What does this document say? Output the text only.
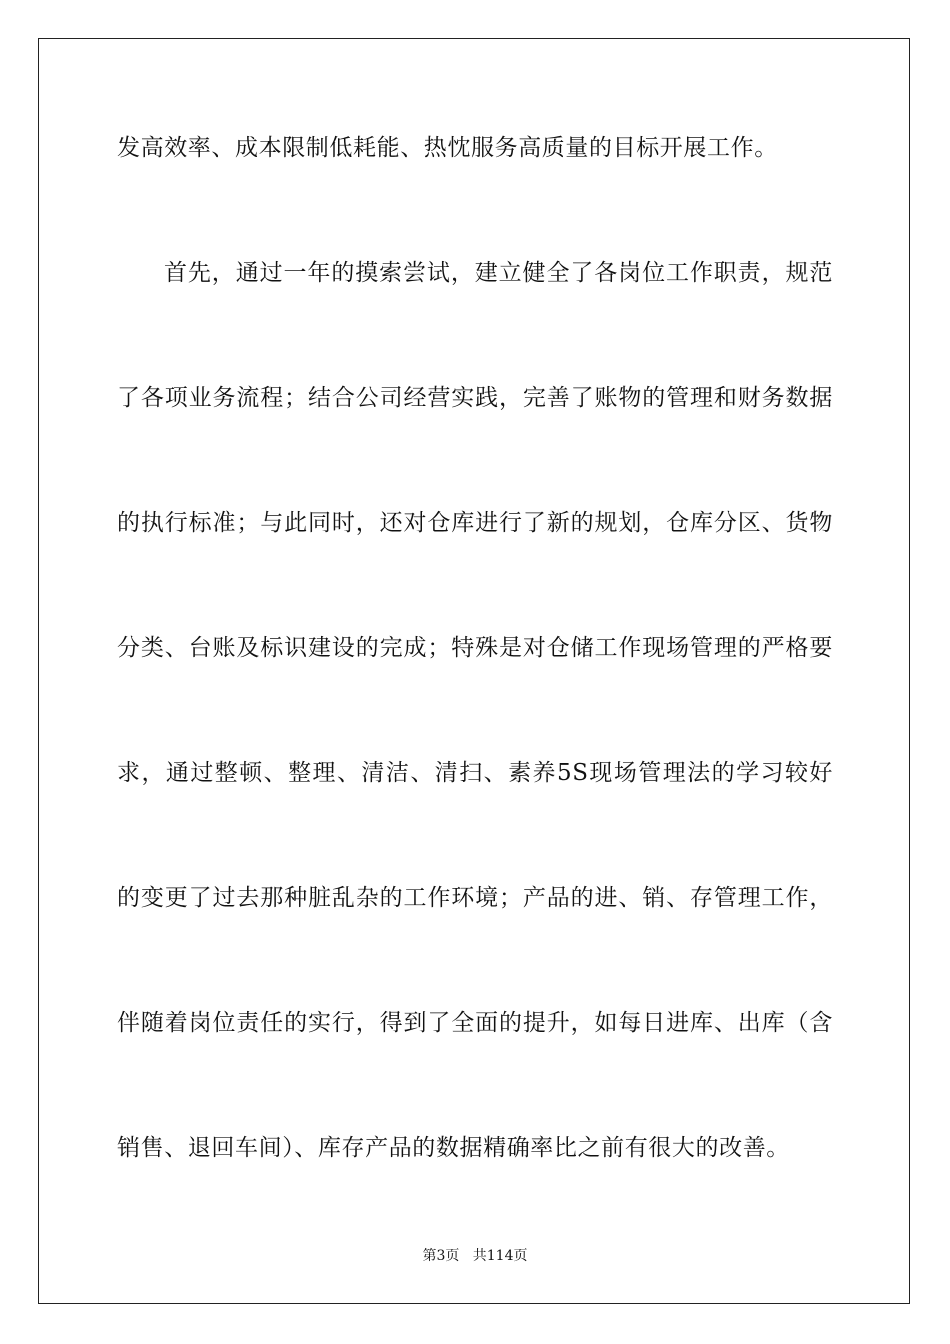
发高效率、成本限制低耗能、热忱服务高质量的目标开展工作。
首先，通过一年的摸索尝试，建立健全了各岗位工作职责，规范
了各项业务流程；结合公司经营实践，完善了账物的管理和财务数据
的执行标准；与此同时，还对仓库进行了新的规划，仓库分区、货物
分类、台账及标识建设的完成；特殊是对仓储工作现场管理的严格要
求，通过整顿、整理、清洁、清扫、素养5S现场管理法的学习较好
的变更了过去那种脏乱杂的工作环境；产品的进、销、存管理工作，
伴随着岗位责任的实行，得到了全面的提升，如每日进库、出库（含
销售、退回车间）、库存产品的数据精确率比之前有很大的改善。
第3页   共114页
